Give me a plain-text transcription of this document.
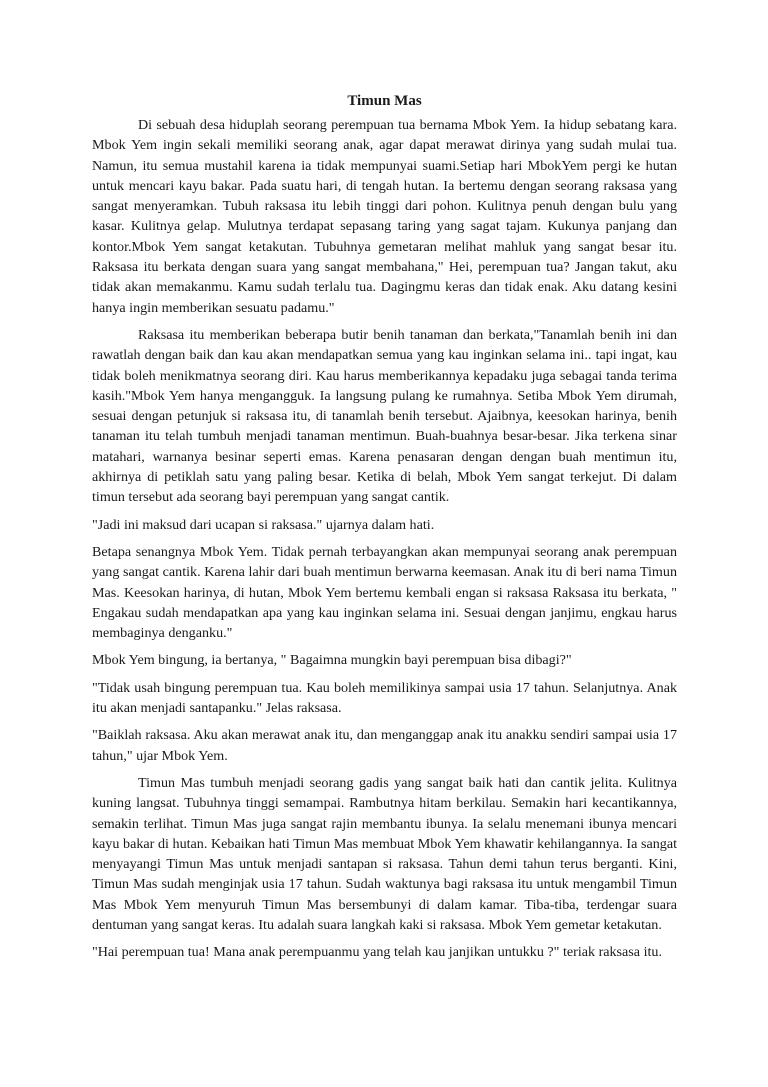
Timun Mas

Di sebuah desa hiduplah seorang perempuan tua bernama Mbok Yem. Ia hidup sebatang kara. Mbok Yem ingin sekali memiliki seorang anak, agar dapat merawat dirinya yang sudah mulai tua. Namun, itu semua mustahil karena ia tidak mempunyai suami.Setiap hari MbokYem pergi ke hutan untuk mencari kayu bakar. Pada suatu hari, di tengah hutan. Ia bertemu dengan seorang raksasa yang sangat menyeramkan. Tubuh raksasa itu lebih tinggi dari pohon. Kulitnya penuh dengan bulu yang kasar. Kulitnya gelap. Mulutnya terdapat sepasang taring yang sagat tajam. Kukunya panjang dan kontor.Mbok Yem sangat ketakutan. Tubuhnya gemetaran melihat mahluk yang sangat besar itu. Raksasa itu berkata dengan suara yang sangat membahana," Hei, perempuan tua? Jangan takut, aku tidak akan memakanmu. Kamu sudah terlalu tua. Dagingmu keras dan tidak enak. Aku datang kesini hanya ingin memberikan sesuatu padamu."

Raksasa itu memberikan beberapa butir benih tanaman dan berkata,"Tanamlah benih ini dan rawatlah dengan baik dan kau akan mendapatkan semua yang kau inginkan selama ini.. tapi ingat, kau tidak boleh menikmatnya seorang diri. Kau harus memberikannya kepadaku juga sebagai tanda terima kasih."Mbok Yem hanya mengangguk. Ia langsung pulang ke rumahnya. Setiba Mbok Yem dirumah, sesuai dengan petunjuk si raksasa itu, di tanamlah benih tersebut. Ajaibnya, keesokan harinya, benih tanaman itu telah tumbuh menjadi tanaman mentimun. Buah-buahnya besar-besar. Jika terkena sinar matahari, warnanya besinar seperti emas. Karena penasaran dengan dengan buah mentimun itu, akhirnya di petiklah satu yang paling besar. Ketika di belah, Mbok Yem sangat terkejut. Di dalam timun tersebut ada seorang bayi perempuan yang sangat cantik.

"Jadi ini maksud dari ucapan si raksasa." ujarnya dalam hati.

Betapa senangnya Mbok Yem. Tidak pernah terbayangkan akan mempunyai seorang anak perempuan yang sangat cantik. Karena lahir dari buah mentimun berwarna keemasan. Anak itu di beri nama Timun Mas. Keesokan harinya, di hutan, Mbok Yem bertemu kembali engan si raksasa Raksasa itu berkata, " Engakau sudah mendapatkan apa yang kau inginkan selama ini. Sesuai dengan janjimu, engkau harus membaginya denganku."

Mbok Yem bingung, ia bertanya, " Bagaimna mungkin bayi perempuan bisa dibagi?"

"Tidak usah bingung perempuan tua. Kau boleh memilikinya sampai usia 17 tahun. Selanjutnya. Anak itu akan menjadi santapanku." Jelas raksasa.

"Baiklah raksasa. Aku akan merawat anak itu, dan menganggap anak itu anakku sendiri sampai usia 17 tahun," ujar Mbok Yem.

Timun Mas tumbuh menjadi seorang gadis yang sangat baik hati dan cantik jelita. Kulitnya kuning langsat. Tubuhnya tinggi semampai. Rambutnya hitam berkilau. Semakin hari kecantikannya, semakin terlihat. Timun Mas juga sangat rajin membantu ibunya. Ia selalu menemani ibunya mencari kayu bakar di hutan. Kebaikan hati Timun Mas membuat Mbok Yem khawatir kehilangannya. Ia sangat menyayangi Timun Mas untuk menjadi santapan si raksasa. Tahun demi tahun terus berganti. Kini, Timun Mas sudah menginjak usia 17 tahun. Sudah waktunya bagi raksasa itu untuk mengambil Timun Mas Mbok Yem menyuruh Timun Mas bersembunyi di dalam kamar. Tiba-tiba, terdengar suara dentuman yang sangat keras. Itu adalah suara langkah kaki si raksasa. Mbok Yem gemetar ketakutan.

"Hai perempuan tua! Mana anak perempuanmu yang telah kau janjikan untukku ?" teriak raksasa itu.
